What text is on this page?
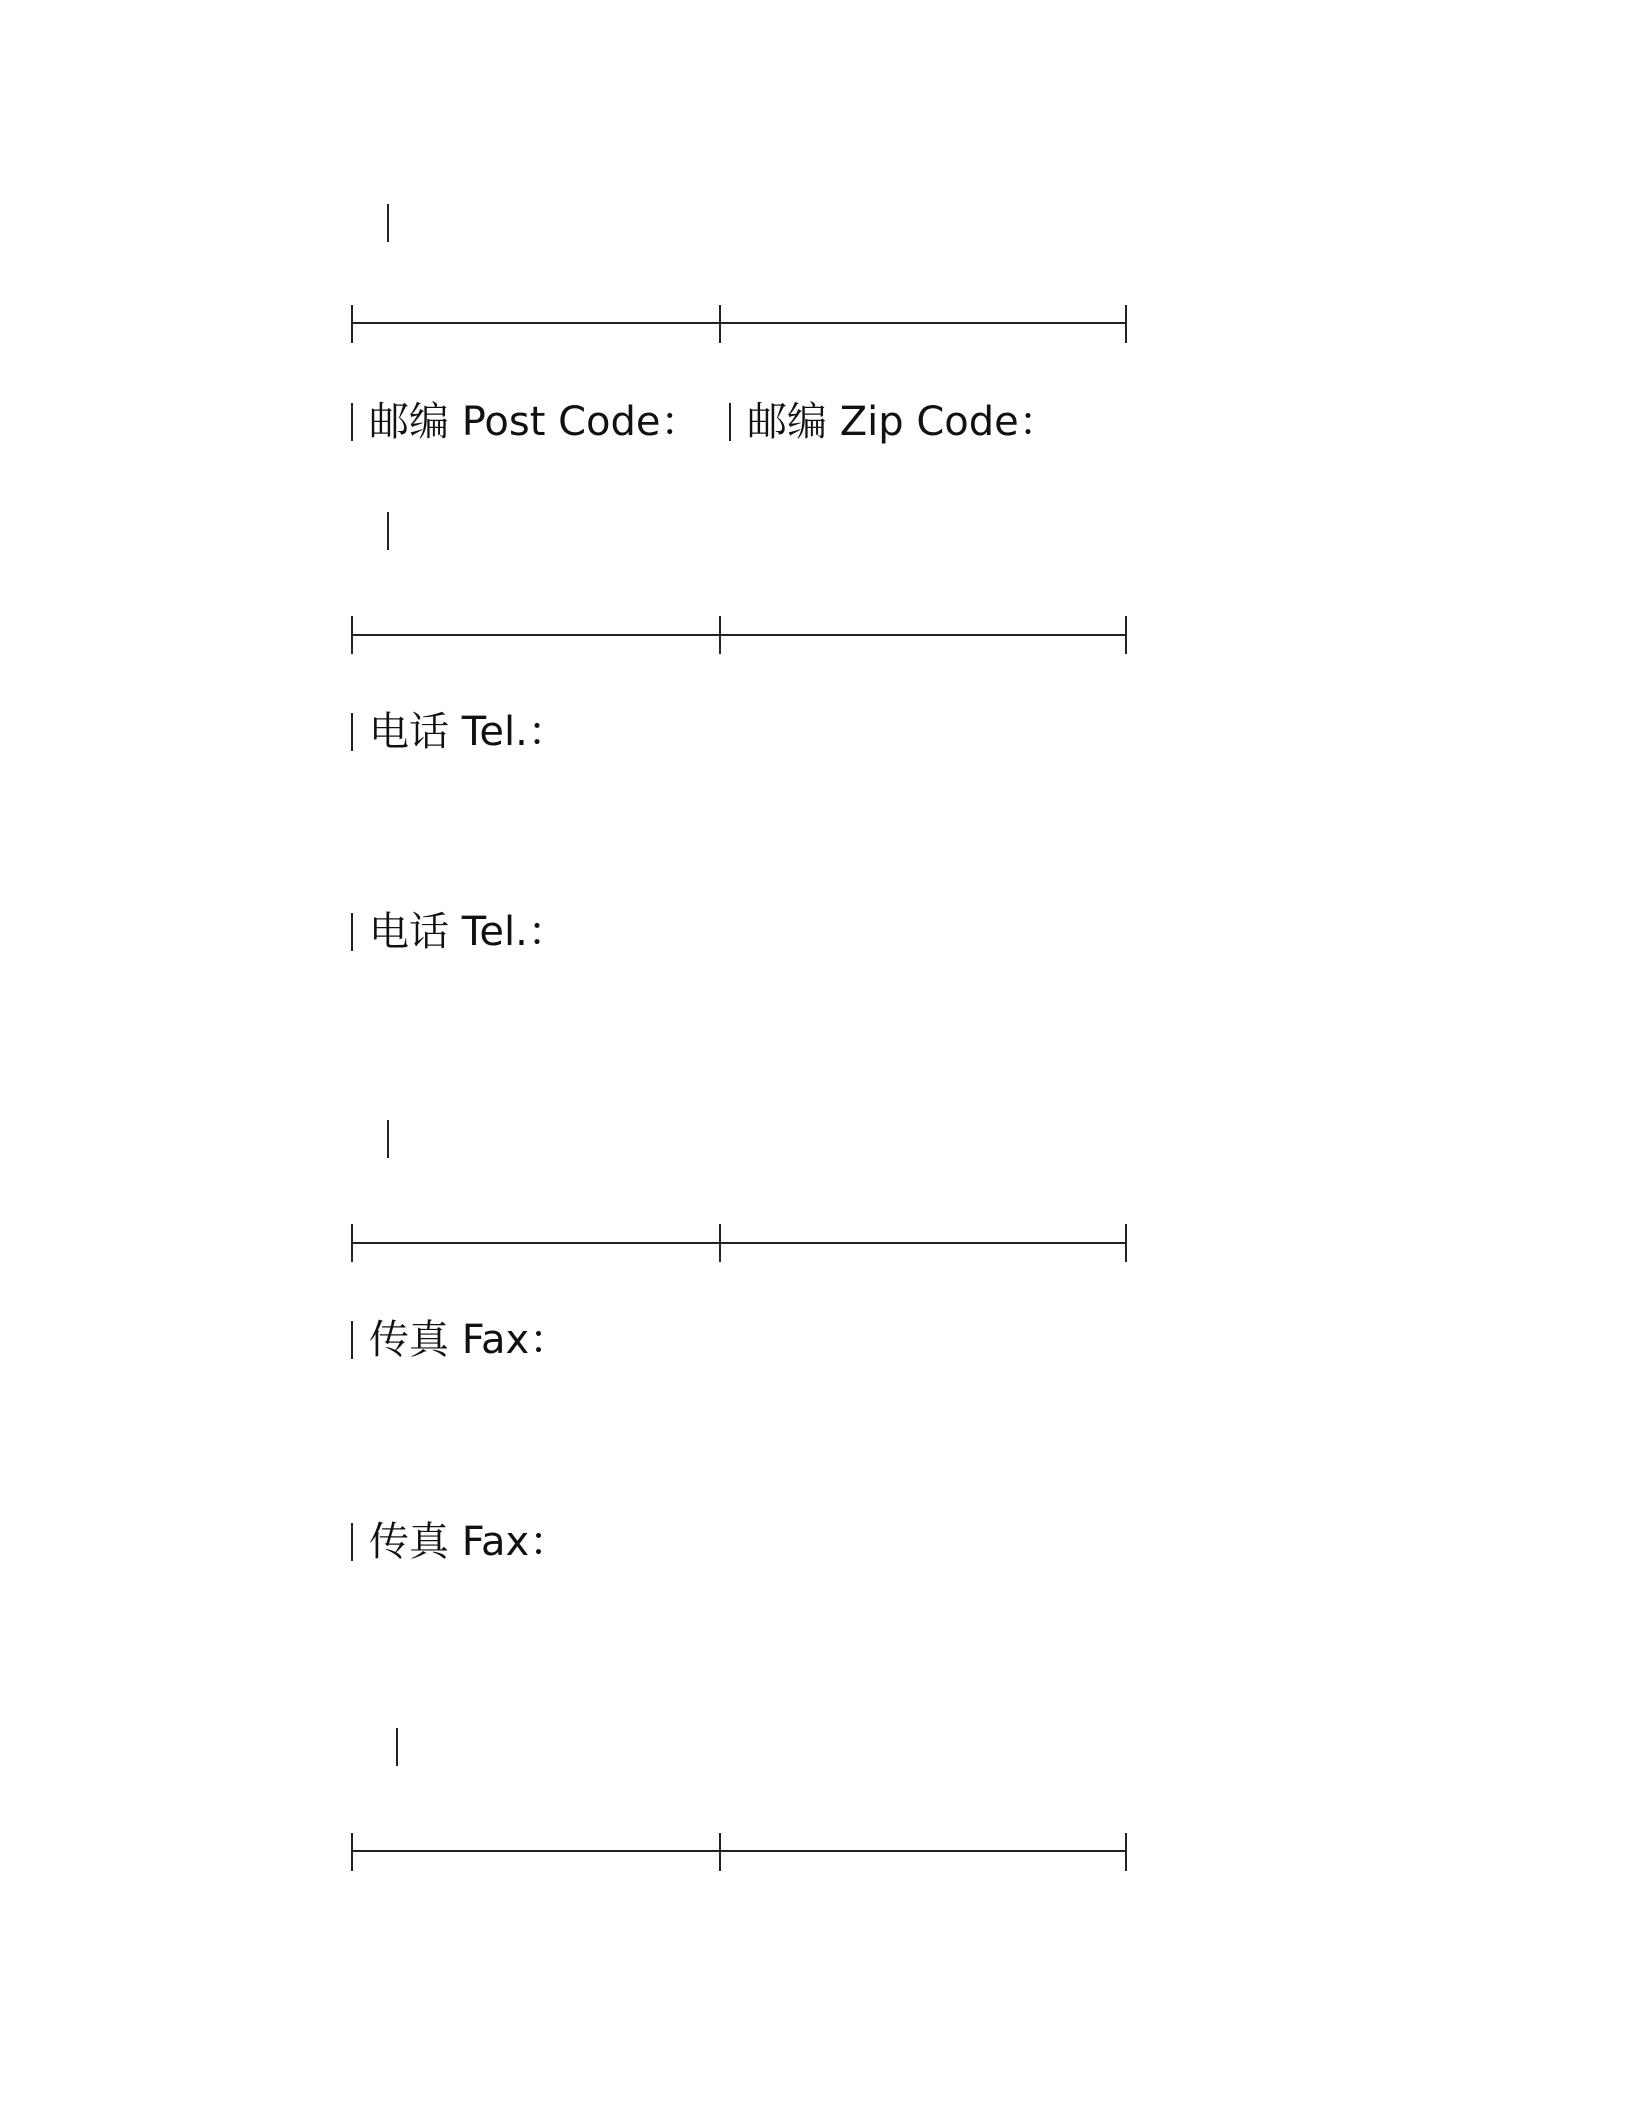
邮编 Post Code： 邮编 Zip Code：
电话 Tel.：
电话 Tel.：
传真 Fax：
传真 Fax：
